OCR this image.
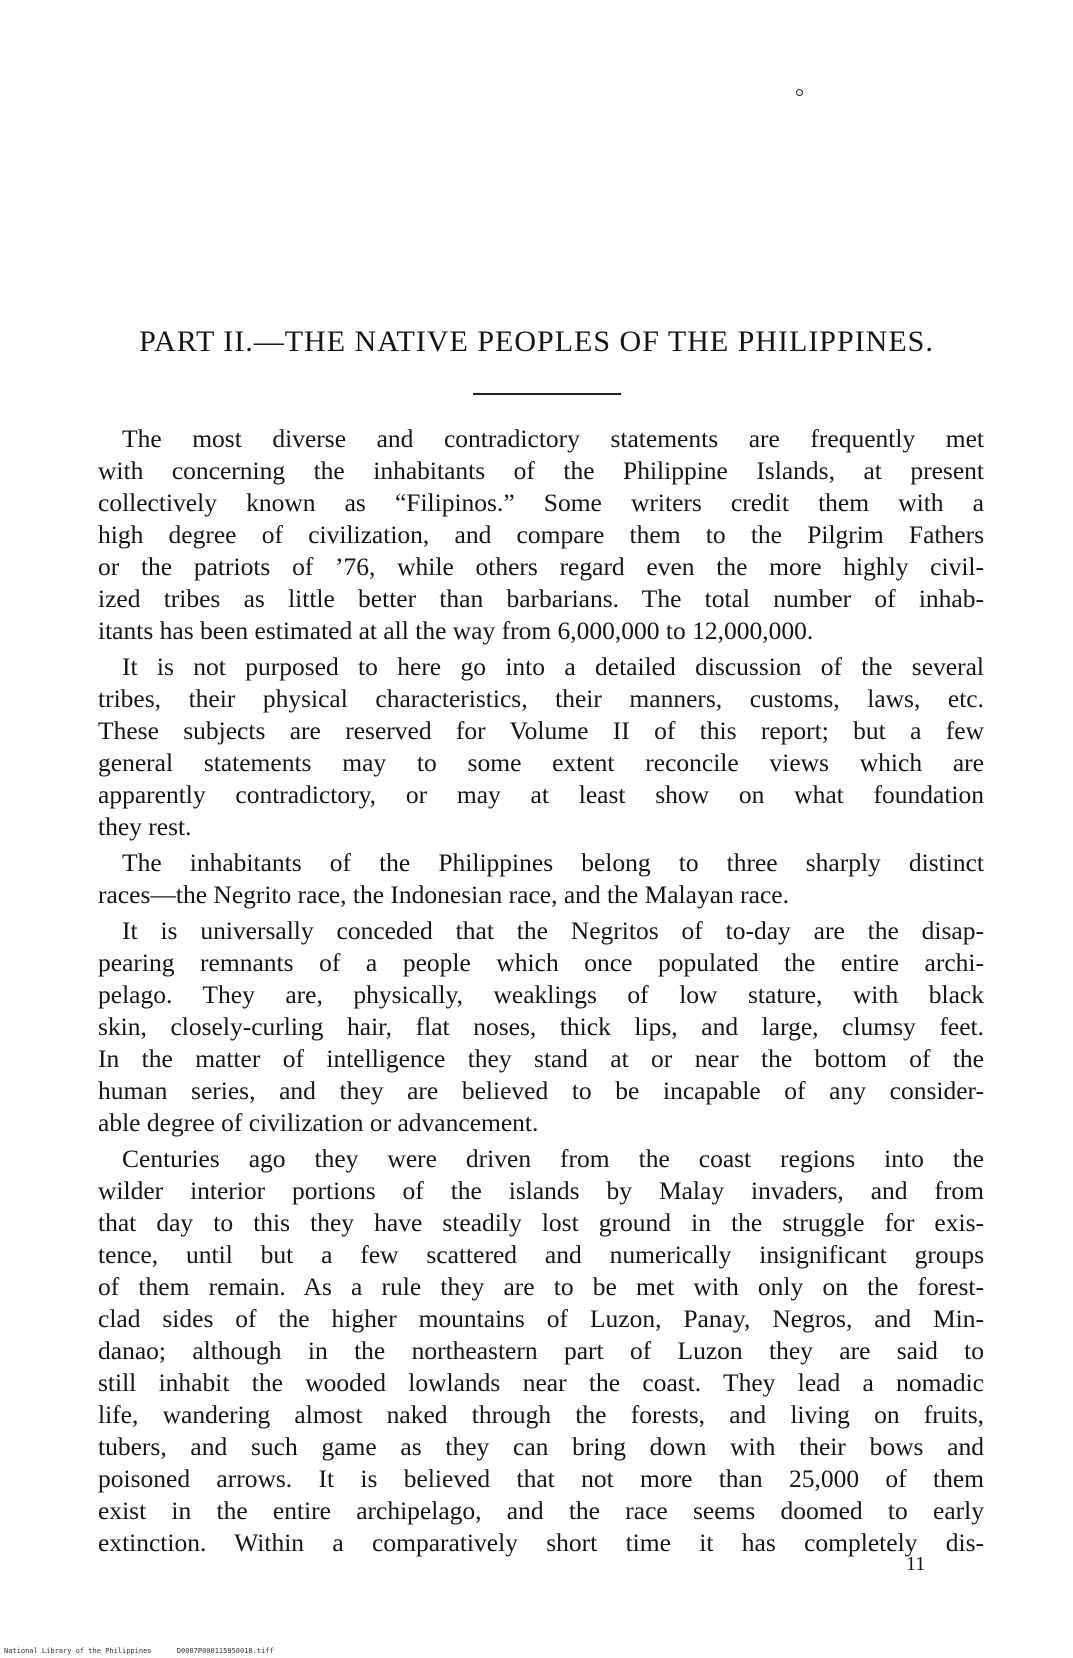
PART II.—THE NATIVE PEOPLES OF THE PHILIPPINES.

The most diverse and contradictory statements are frequently met
with concerning the inhabitants of the Philippine Islands, at present
collectively known as “Filipinos.” Some writers credit them with a
high degree of civilization, and compare them to the Pilgrim Fathers
or the patriots of ’76, while others regard even the more highly civil-
ized tribes as little better than barbarians. The total number of inhab-
itants has been estimated at all the way from 6,000,000 to 12,000,000.

It is not purposed to here go into a detailed discussion of the several
tribes, their physical characteristics, their manners, customs, laws, etc.
These subjects are reserved for Volume II of this report; but a few
general statements may to some extent reconcile views which are
apparently contradictory, or may at least show on what foundation
they rest.

The inhabitants of the Philippines belong to three sharply distinct
races—the Negrito race, the Indonesian race, and the Malayan race.

It is universally conceded that the Negritos of to-day are the disap-
pearing remnants of a people which once populated the entire archi-
pelago. They are, physically, weaklings of low stature, with black
skin, closely-curling hair, flat noses, thick lips, and large, clumsy feet.
In the matter of intelligence they stand at or near the bottom of the
human series, and they are believed to be incapable of any consider-
able degree of civilization or advancement.

Centuries ago they were driven from the coast regions into the
wilder interior portions of the islands by Malay invaders, and from
that day to this they have steadily lost ground in the struggle for exis-
tence, until but a few scattered and numerically insignificant groups
of them remain. As a rule they are to be met with only on the forest-
clad sides of the higher mountains of Luzon, Panay, Negros, and Min-
danao; although in the northeastern part of Luzon they are said to
still inhabit the wooded lowlands near the coast. They lead a nomadic
life, wandering almost naked through the forests, and living on fruits,
tubers, and such game as they can bring down with their bows and
poisoned arrows. It is believed that not more than 25,000 of them
exist in the entire archipelago, and the race seems doomed to early
extinction. Within a comparatively short time it has completely dis-

11
National Library of the Philippines      D0087P000115950018.tiff
